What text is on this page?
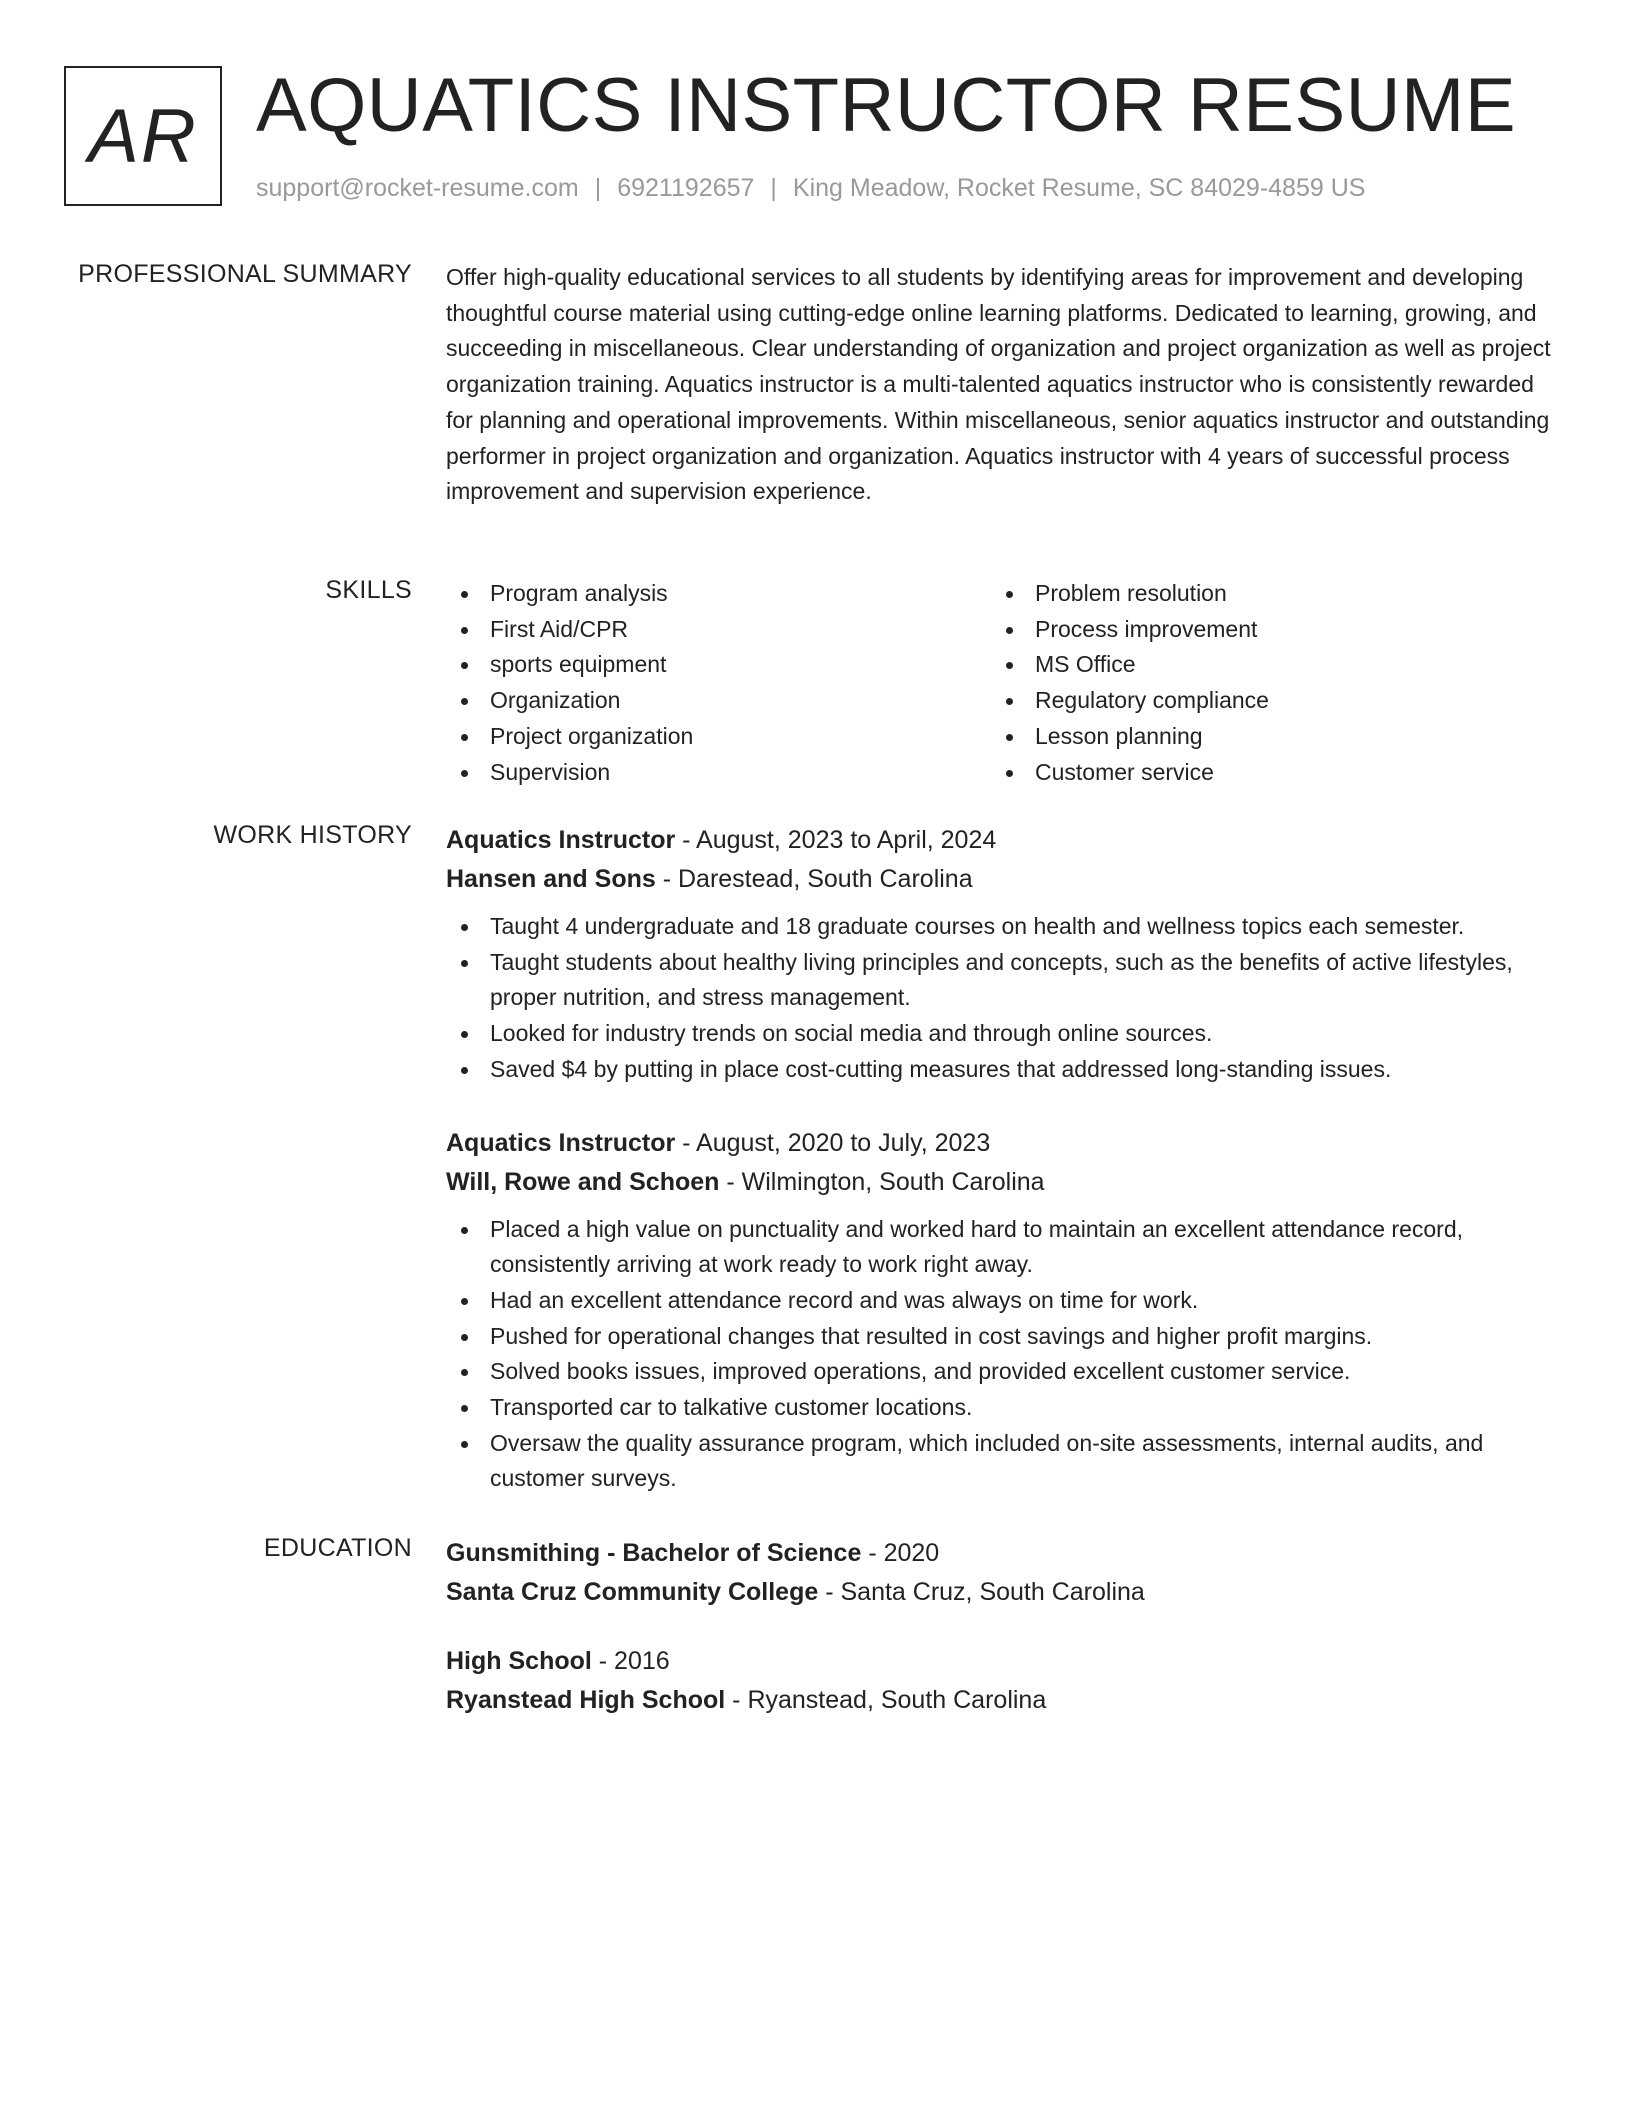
AR AQUATICS INSTRUCTOR RESUME
support@rocket-resume.com | 6921192657 | King Meadow, Rocket Resume, SC 84029-4859 US
PROFESSIONAL SUMMARY Offer high-quality educational services to all students by identifying areas for improvement and developing thoughtful course material using cutting-edge online learning platforms. Dedicated to learning, growing, and succeeding in miscellaneous. Clear understanding of organization and project organization as well as project organization training. Aquatics instructor is a multi-talented aquatics instructor who is consistently rewarded for planning and operational improvements. Within miscellaneous, senior aquatics instructor and outstanding performer in project organization and organization. Aquatics instructor with 4 years of successful process improvement and supervision experience.

SKILLS	Program analysis
First Aid/CPR
sports equipment
Organization
Project organization
Supervision
Problem resolution
Process improvement
MS Office
Regulatory compliance
Lesson planning
Customer service
WORK HISTORY Aquatics Instructor - August, 2023 to April, 2024
Hansen and Sons - Darestead, South Carolina
Taught 4 undergraduate and 18 graduate courses on health and wellness topics each semester.
Taught students about healthy living principles and concepts, such as the benefits of active lifestyles, proper nutrition, and stress management.
Looked for industry trends on social media and through online sources.
Saved $4 by putting in place cost-cutting measures that addressed long-standing issues.
Aquatics Instructor - August, 2020 to July, 2023
Will, Rowe and Schoen - Wilmington, South Carolina
Placed a high value on punctuality and worked hard to maintain an excellent attendance record, consistently arriving at work ready to work right away.
Had an excellent attendance record and was always on time for work.
Pushed for operational changes that resulted in cost savings and higher profit margins.
Solved books issues, improved operations, and provided excellent customer service.
Transported car to talkative customer locations.
Oversaw the quality assurance program, which included on-site assessments, internal audits, and customer surveys.
EDUCATION Gunsmithing - Bachelor of Science - 2020
Santa Cruz Community College - Santa Cruz, South Carolina
High School - 2016
Ryanstead High School - Ryanstead, South Carolina
